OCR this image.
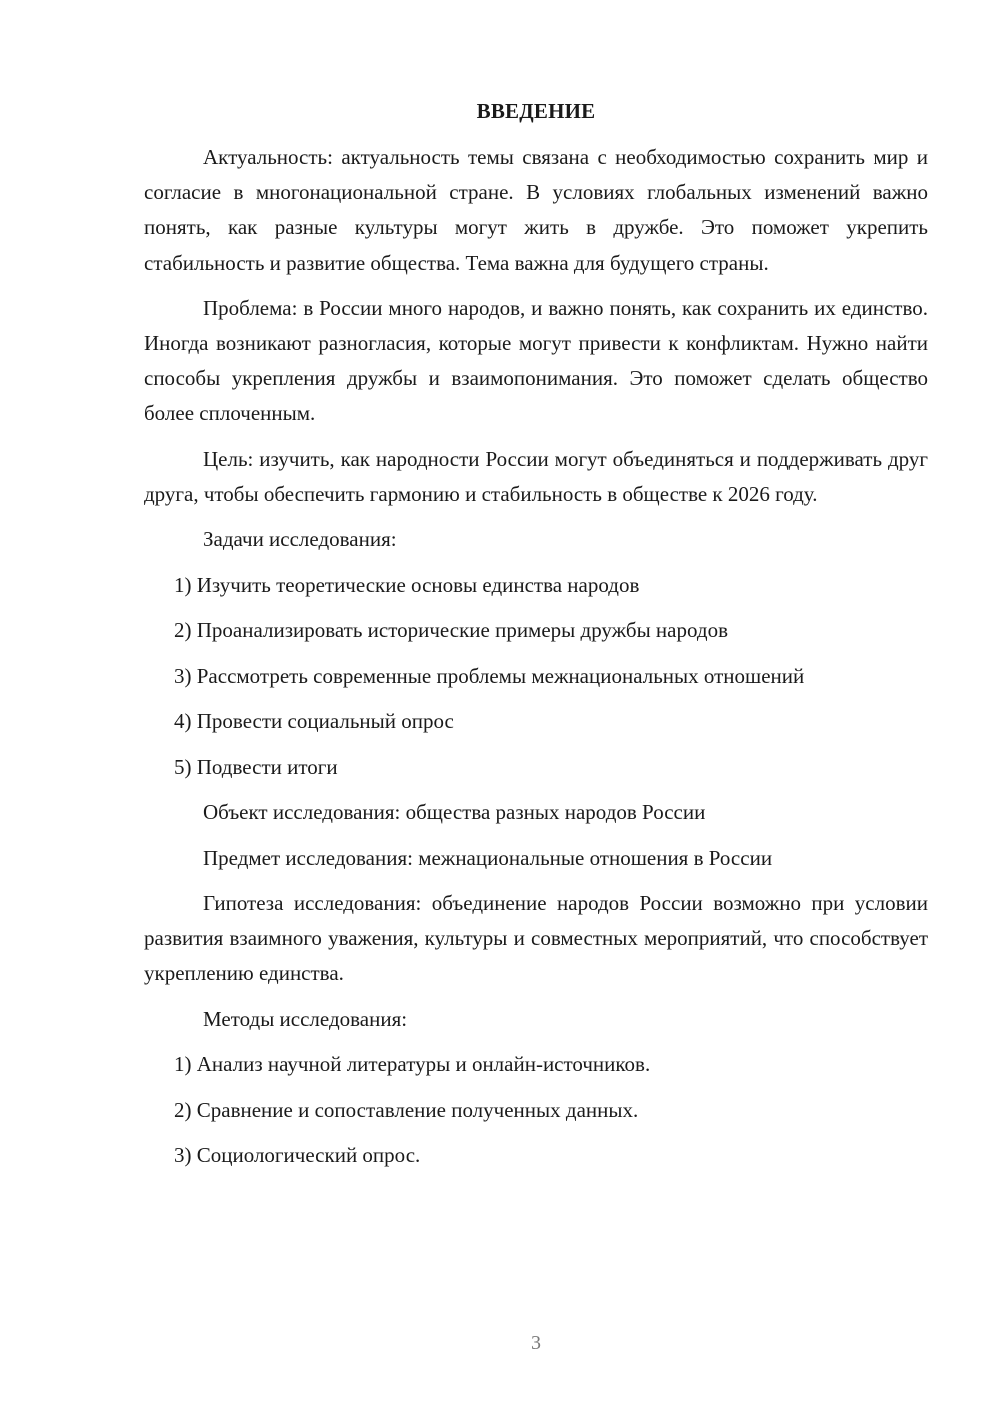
ВВЕДЕНИЕ

Актуальность: актуальность темы связана с необходимостью сохранить мир и согласие в многонациональной стране. В условиях глобальных изменений важно понять, как разные культуры могут жить в дружбе. Это поможет укрепить стабильность и развитие общества. Тема важна для будущего страны.

Проблема: в России много народов, и важно понять, как сохранить их единство. Иногда возникают разногласия, которые могут привести к конфликтам. Нужно найти способы укрепления дружбы и взаимопонимания. Это поможет сделать общество более сплоченным.

Цель: изучить, как народности России могут объединяться и поддерживать друг друга, чтобы обеспечить гармонию и стабильность в обществе к 2026 году.

Задачи исследования:

1) Изучить теоретические основы единства народов

2) Проанализировать исторические примеры дружбы народов

3) Рассмотреть современные проблемы межнациональных отношений

4) Провести социальный опрос

5) Подвести итоги

Объект исследования: общества разных народов России

Предмет исследования: межнациональные отношения в России

Гипотеза исследования: объединение народов России возможно при условии развития взаимного уважения, культуры и совместных мероприятий, что способствует укреплению единства.

Методы исследования:

1) Анализ научной литературы и онлайн-источников.

2) Сравнение и сопоставление полученных данных.

3) Социологический опрос.

3
